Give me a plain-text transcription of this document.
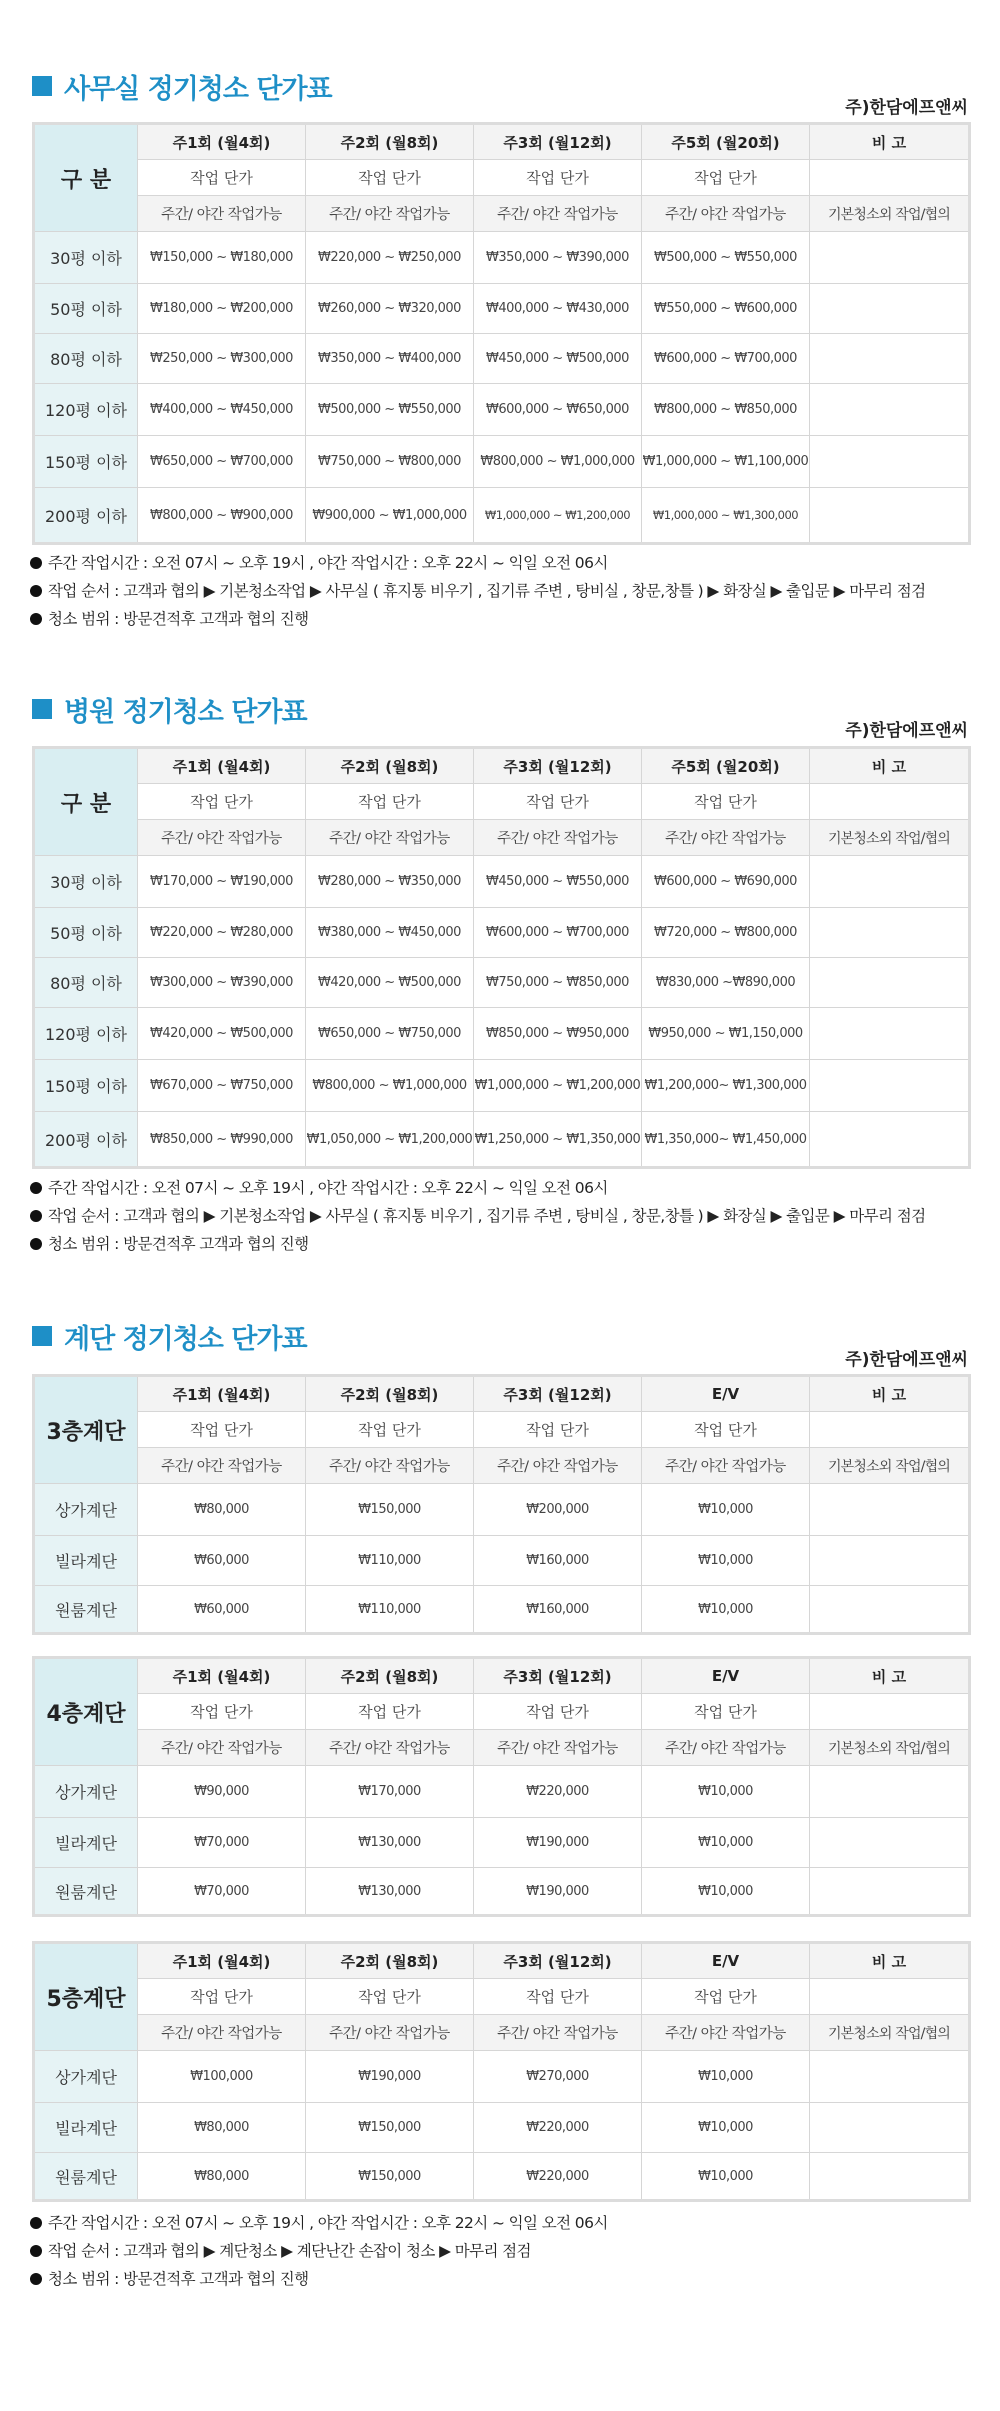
사무실 정기청소 단가표
주)한담에프앤씨
구 분	주1회 (월4회)	주2회 (월8회)	주3회 (월12회)	주5회 (월20회)	비 고
	작업 단가	작업 단가	작업 단가	작업 단가	
	주간/ 야간 작업가능	주간/ 야간 작업가능	주간/ 야간 작업가능	주간/ 야간 작업가능	기본청소외 작업/협의
30평 이하	₩150,000 ~ ₩180,000	₩220,000 ~ ₩250,000	₩350,000 ~ ₩390,000	₩500,000 ~ ₩550,000	
50평 이하	₩180,000 ~ ₩200,000	₩260,000 ~ ₩320,000	₩400,000 ~ ₩430,000	₩550,000 ~ ₩600,000	
80평 이하	₩250,000 ~ ₩300,000	₩350,000 ~ ₩400,000	₩450,000 ~ ₩500,000	₩600,000 ~ ₩700,000	
120평 이하	₩400,000 ~ ₩450,000	₩500,000 ~ ₩550,000	₩600,000 ~ ₩650,000	₩800,000 ~ ₩850,000	
150평 이하	₩650,000 ~ ₩700,000	₩750,000 ~ ₩800,000	₩800,000 ~ ₩1,000,000	₩1,000,000 ~ ₩1,100,000	
200평 이하	₩800,000 ~ ₩900,000	₩900,000 ~ ₩1,000,000	₩1,000,000 ~ ₩1,200,000	₩1,000,000 ~ ₩1,300,000	
주간 작업시간 : 오전 07시 ~ 오후 19시 , 야간 작업시간 : 오후 22시 ~ 익일 오전 06시
작업 순서 : 고객과 협의 ▶ 기본청소작업 ▶ 사무실 ( 휴지통 비우기 , 집기류 주변 , 탕비실 , 창문,창틀 ) ▶ 화장실 ▶ 출입문 ▶ 마무리 점검
청소 범위 : 방문견적후 고객과 협의 진행
병원 정기청소 단가표
주)한담에프앤씨
구 분	주1회 (월4회)	주2회 (월8회)	주3회 (월12회)	주5회 (월20회)	비 고
	작업 단가	작업 단가	작업 단가	작업 단가	
	주간/ 야간 작업가능	주간/ 야간 작업가능	주간/ 야간 작업가능	주간/ 야간 작업가능	기본청소외 작업/협의
30평 이하	₩170,000 ~ ₩190,000	₩280,000 ~ ₩350,000	₩450,000 ~ ₩550,000	₩600,000 ~ ₩690,000	
50평 이하	₩220,000 ~ ₩280,000	₩380,000 ~ ₩450,000	₩600,000 ~ ₩700,000	₩720,000 ~ ₩800,000	
80평 이하	₩300,000 ~ ₩390,000	₩420,000 ~ ₩500,000	₩750,000 ~ ₩850,000	₩830,000 ~₩890,000	
120평 이하	₩420,000 ~ ₩500,000	₩650,000 ~ ₩750,000	₩850,000 ~ ₩950,000	₩950,000 ~ ₩1,150,000	
150평 이하	₩670,000 ~ ₩750,000	₩800,000 ~ ₩1,000,000	₩1,000,000 ~ ₩1,200,000	₩1,200,000~ ₩1,300,000	
200평 이하	₩850,000 ~ ₩990,000	₩1,050,000 ~ ₩1,200,000	₩1,250,000 ~ ₩1,350,000	₩1,350,000~ ₩1,450,000	
주간 작업시간 : 오전 07시 ~ 오후 19시 , 야간 작업시간 : 오후 22시 ~ 익일 오전 06시
작업 순서 : 고객과 협의 ▶ 기본청소작업 ▶ 사무실 ( 휴지통 비우기 , 집기류 주변 , 탕비실 , 창문,창틀 ) ▶ 화장실 ▶ 출입문 ▶ 마무리 점검
청소 범위 : 방문견적후 고객과 협의 진행
계단 정기청소 단가표
주)한담에프앤씨
3층계단	주1회 (월4회)	주2회 (월8회)	주3회 (월12회)	E/V	비 고
	작업 단가	작업 단가	작업 단가	작업 단가	
	주간/ 야간 작업가능	주간/ 야간 작업가능	주간/ 야간 작업가능	주간/ 야간 작업가능	기본청소외 작업/협의
상가계단	₩80,000	₩150,000	₩200,000	₩10,000	
빌라계단	₩60,000	₩110,000	₩160,000	₩10,000	
원룸계단	₩60,000	₩110,000	₩160,000	₩10,000	
4층계단	주1회 (월4회)	주2회 (월8회)	주3회 (월12회)	E/V	비 고
	작업 단가	작업 단가	작업 단가	작업 단가	
	주간/ 야간 작업가능	주간/ 야간 작업가능	주간/ 야간 작업가능	주간/ 야간 작업가능	기본청소외 작업/협의
상가계단	₩90,000	₩170,000	₩220,000	₩10,000	
빌라계단	₩70,000	₩130,000	₩190,000	₩10,000	
원룸계단	₩70,000	₩130,000	₩190,000	₩10,000	
5층계단	주1회 (월4회)	주2회 (월8회)	주3회 (월12회)	E/V	비 고
	작업 단가	작업 단가	작업 단가	작업 단가	
	주간/ 야간 작업가능	주간/ 야간 작업가능	주간/ 야간 작업가능	주간/ 야간 작업가능	기본청소외 작업/협의
상가계단	₩100,000	₩190,000	₩270,000	₩10,000	
빌라계단	₩80,000	₩150,000	₩220,000	₩10,000	
원룸계단	₩80,000	₩150,000	₩220,000	₩10,000	
주간 작업시간 : 오전 07시 ~ 오후 19시 , 야간 작업시간 : 오후 22시 ~ 익일 오전 06시
작업 순서 : 고객과 협의 ▶ 계단청소 ▶ 계단난간 손잡이 청소 ▶ 마무리 점검
청소 범위 : 방문견적후 고객과 협의 진행
